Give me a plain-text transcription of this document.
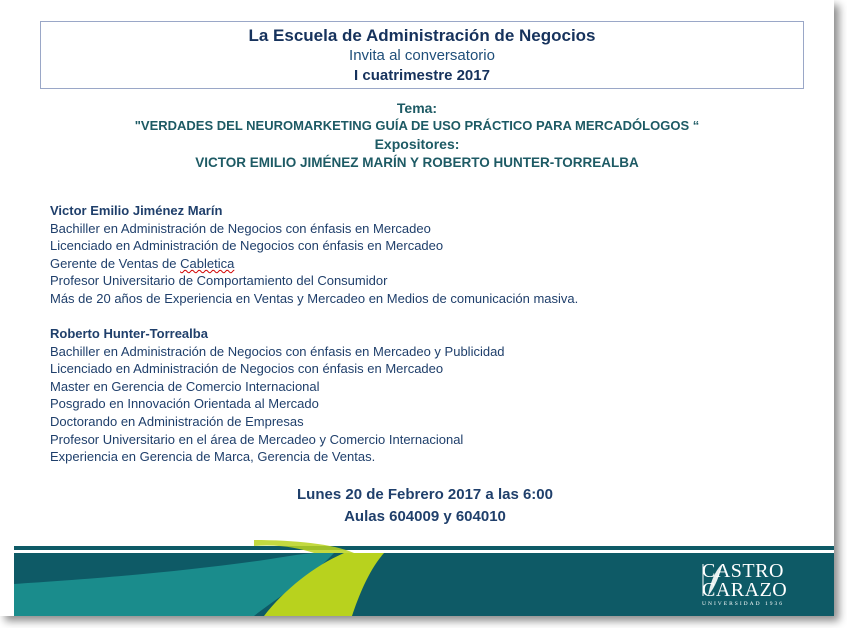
La Escuela de Administración de Negocios
Invita al conversatorio
I cuatrimestre 2017
Tema:
"VERDADES DEL NEUROMARKETING GUÍA DE USO PRÁCTICO PARA MERCADÓLOGOS “
Expositores:
VICTOR EMILIO JIMÉNEZ MARÍN Y ROBERTO HUNTER-TORREALBA
Victor Emilio Jiménez Marín
Bachiller en Administración de Negocios con énfasis en Mercadeo
Licenciado en Administración de Negocios con énfasis en Mercadeo
Gerente de Ventas de Cabletica
Profesor Universitario de Comportamiento del Consumidor
Más de 20 años de Experiencia en Ventas y Mercadeo en Medios de comunicación masiva.
Roberto Hunter-Torrealba
Bachiller en Administración de Negocios con énfasis en Mercadeo y Publicidad
Licenciado en Administración de Negocios con énfasis en Mercadeo
Master en Gerencia de Comercio Internacional
Posgrado en Innovación Orientada al Mercado
Doctorando en Administración de Empresas
Profesor Universitario en el área de Mercadeo y Comercio Internacional
Experiencia en Gerencia de Marca, Gerencia de Ventas.
Lunes 20 de Febrero 2017 a las 6:00
Aulas 604009 y 604010
CASTRO
CARAZO
UNIVERSIDAD 1936
